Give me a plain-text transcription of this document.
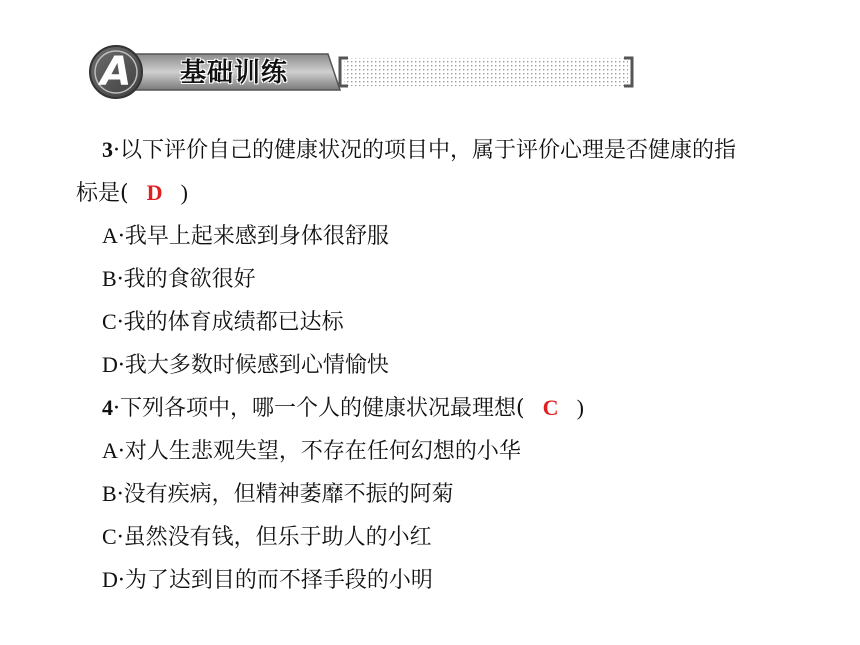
A	基础训练
3·以下评价自己的健康状况的项目中，属于评价心理是否健康的指
标是( D )
A·我早上起来感到身体很舒服
B·我的食欲很好
C·我的体育成绩都已达标
D·我大多数时候感到心情愉快
4·下列各项中，哪一个人的健康状况最理想( C )
A·对人生悲观失望，不存在任何幻想的小华
B·没有疾病，但精神萎靡不振的阿菊
C·虽然没有钱，但乐于助人的小红
D·为了达到目的而不择手段的小明
